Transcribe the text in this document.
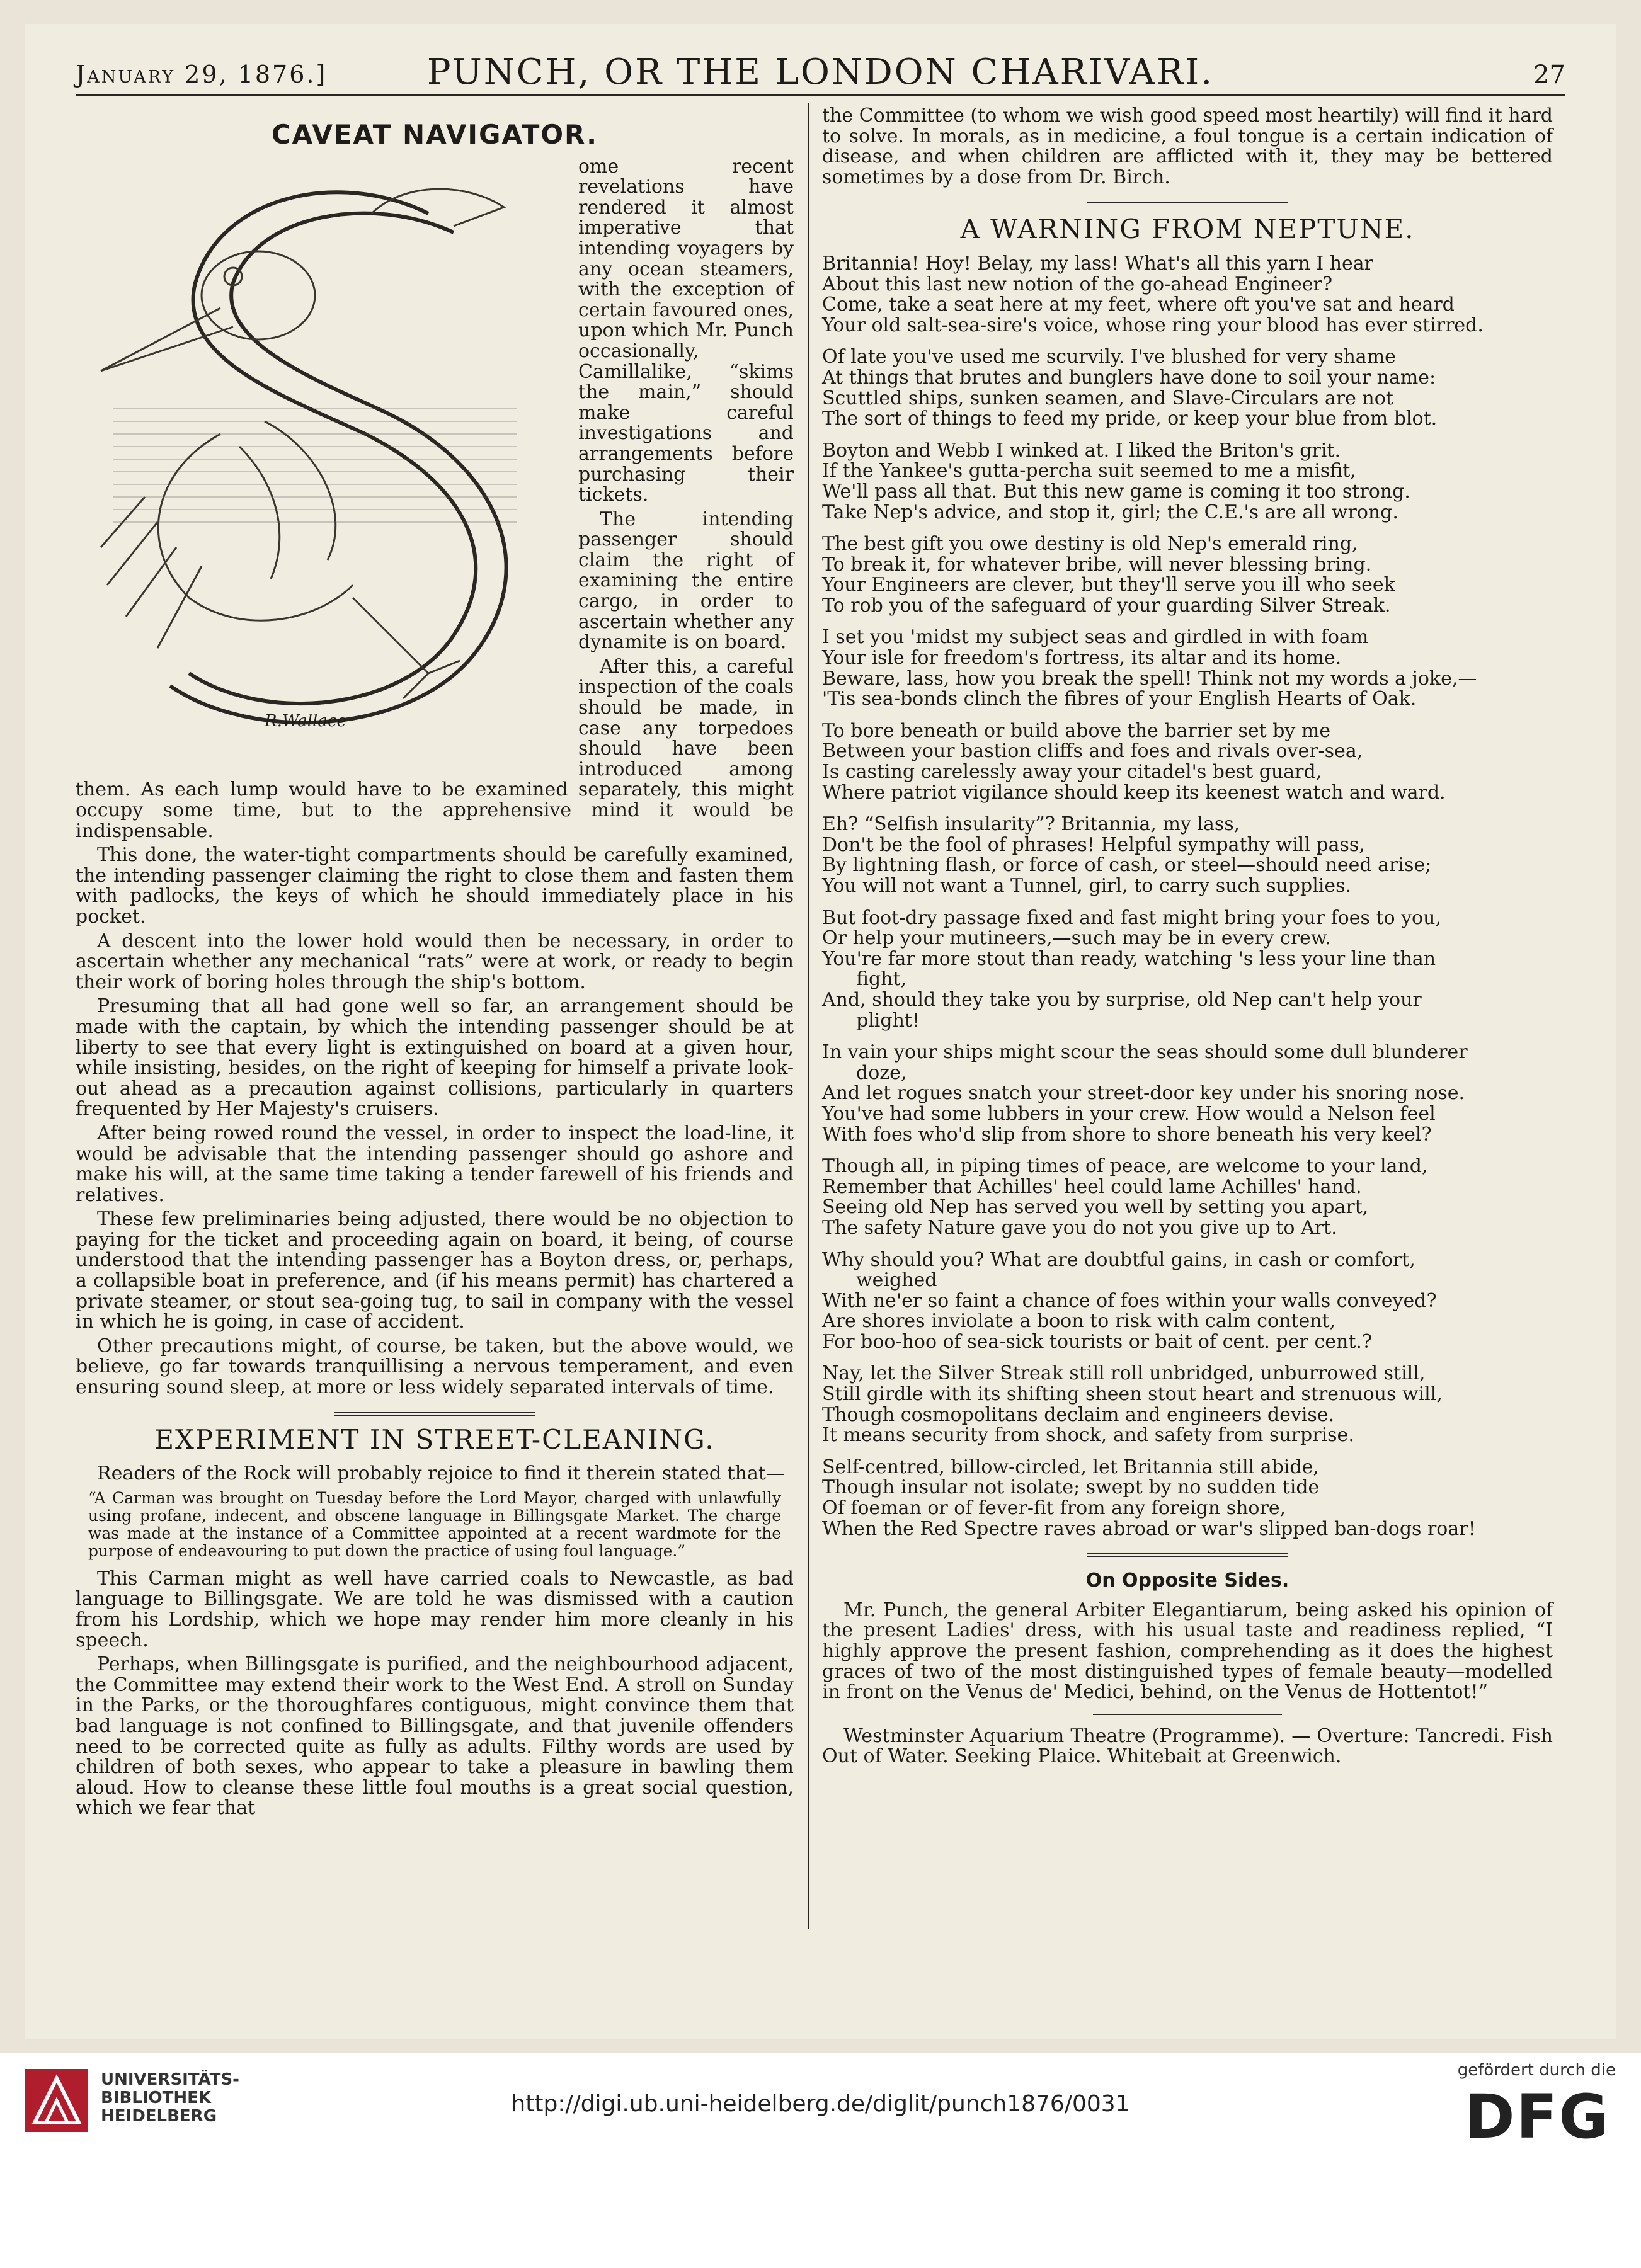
January 29, 1876.]	PUNCH, OR THE LONDON CHARIVARI.	27
CAVEAT NAVIGATOR.
R.Wallace

ome recent revelations have rendered it almost imperative that intending voyagers by any ocean steamers, with the exception of certain favoured ones, upon which Mr. Punch occasionally, Camillalike, “skims the main,” should make careful investigations and arrangements before purchasing their tickets.

The intending passenger should claim the right of examining the entire cargo, in order to ascertain whether any dynamite is on board.

After this, a careful inspection of the coals should be made, in case any torpedoes should have been introduced among them. As each lump would have to be examined separately, this might occupy some time, but to the apprehensive mind it would be indispensable.

This done, the water-tight compartments should be carefully examined, the intending passenger claiming the right to close them and fasten them with padlocks, the keys of which he should immediately place in his pocket.

A descent into the lower hold would then be necessary, in order to ascertain whether any mechanical “rats” were at work, or ready to begin their work of boring holes through the ship's bottom.

Presuming that all had gone well so far, an arrangement should be made with the captain, by which the intending passenger should be at liberty to see that every light is extinguished on board at a given hour, while insisting, besides, on the right of keeping for himself a private look-out ahead as a precaution against collisions, particularly in quarters frequented by Her Majesty's cruisers.

After being rowed round the vessel, in order to inspect the load-line, it would be advisable that the intending passenger should go ashore and make his will, at the same time taking a tender farewell of his friends and relatives.

These few preliminaries being adjusted, there would be no objection to paying for the ticket and proceeding again on board, it being, of course understood that the intending passenger has a Boyton dress, or, perhaps, a collapsible boat in preference, and (if his means permit) has chartered a private steamer, or stout sea-going tug, to sail in company with the vessel in which he is going, in case of accident.

Other precautions might, of course, be taken, but the above would, we believe, go far towards tranquillising a nervous temperament, and even ensuring sound sleep, at more or less widely separated intervals of time.

EXPERIMENT IN STREET-CLEANING.

Readers of the Rock will probably rejoice to find it therein stated that—

“A Carman was brought on Tuesday before the Lord Mayor, charged with unlawfully using profane, indecent, and obscene language in Billingsgate Market. The charge was made at the instance of a Committee appointed at a recent wardmote for the purpose of endeavouring to put down the practice of using foul language.”

This Carman might as well have carried coals to Newcastle, as bad language to Billingsgate. We are told he was dismissed with a caution from his Lordship, which we hope may render him more cleanly in his speech.

Perhaps, when Billingsgate is purified, and the neighbourhood adjacent, the Committee may extend their work to the West End. A stroll on Sunday in the Parks, or the thoroughfares contiguous, might convince them that bad language is not confined to Billingsgate, and that juvenile offenders need to be corrected quite as fully as adults. Filthy words are used by children of both sexes, who appear to take a pleasure in bawling them aloud. How to cleanse these little foul mouths is a great social question, which we fear that

the Committee (to whom we wish good speed most heartily) will find it hard to solve. In morals, as in medicine, a foul tongue is a certain indication of disease, and when children are afflicted with it, they may be bettered sometimes by a dose from Dr. Birch.

A WARNING FROM NEPTUNE.
Britannia! Hoy! Belay, my lass! What's all this yarn I hear
About this last new notion of the go-ahead Engineer?
Come, take a seat here at my feet, where oft you've sat and heard
Your old salt-sea-sire's voice, whose ring your blood has ever stirred.
Of late you've used me scurvily. I've blushed for very shame
At things that brutes and bunglers have done to soil your name:
Scuttled ships, sunken seamen, and Slave-Circulars are not
The sort of things to feed my pride, or keep your blue from blot.
Boyton and Webb I winked at. I liked the Briton's grit.
If the Yankee's gutta-percha suit seemed to me a misfit,
We'll pass all that. But this new game is coming it too strong.
Take Nep's advice, and stop it, girl; the C.E.'s are all wrong.
The best gift you owe destiny is old Nep's emerald ring,
To break it, for whatever bribe, will never blessing bring.
Your Engineers are clever, but they'll serve you ill who seek
To rob you of the safeguard of your guarding Silver Streak.
I set you 'midst my subject seas and girdled in with foam
Your isle for freedom's fortress, its altar and its home.
Beware, lass, how you break the spell! Think not my words a joke,—
'Tis sea-bonds clinch the fibres of your English Hearts of Oak.
To bore beneath or build above the barrier set by me
Between your bastion cliffs and foes and rivals over-sea,
Is casting carelessly away your citadel's best guard,
Where patriot vigilance should keep its keenest watch and ward.
Eh? “Selfish insularity”? Britannia, my lass,
Don't be the fool of phrases! Helpful sympathy will pass,
By lightning flash, or force of cash, or steel—should need arise;
You will not want a Tunnel, girl, to carry such supplies.
But foot-dry passage fixed and fast might bring your foes to you,
Or help your mutineers,—such may be in every crew.
You're far more stout than ready, watching 's less your line than
fight,
And, should they take you by surprise, old Nep can't help your
plight!
In vain your ships might scour the seas should some dull blunderer
doze,
And let rogues snatch your street-door key under his snoring nose.
You've had some lubbers in your crew. How would a Nelson feel
With foes who'd slip from shore to shore beneath his very keel?
Though all, in piping times of peace, are welcome to your land,
Remember that Achilles' heel could lame Achilles' hand.
Seeing old Nep has served you well by setting you apart,
The safety Nature gave you do not you give up to Art.
Why should you? What are doubtful gains, in cash or comfort,
weighed
With ne'er so faint a chance of foes within your walls conveyed?
Are shores inviolate a boon to risk with calm content,
For boo-hoo of sea-sick tourists or bait of cent. per cent.?
Nay, let the Silver Streak still roll unbridged, unburrowed still,
Still girdle with its shifting sheen stout heart and strenuous will,
Though cosmopolitans declaim and engineers devise.
It means security from shock, and safety from surprise.
Self-centred, billow-circled, let Britannia still abide,
Though insular not isolate; swept by no sudden tide
Of foeman or of fever-fit from any foreign shore,
When the Red Spectre raves abroad or war's slipped ban-dogs roar!
On Opposite Sides.

Mr. Punch, the general Arbiter Elegantiarum, being asked his opinion of the present Ladies' dress, with his usual taste and readiness replied, “I highly approve the present fashion, comprehending as it does the highest graces of two of the most distinguished types of female beauty—modelled in front on the Venus de' Medici, behind, on the Venus de Hottentot!”

Westminster Aquarium Theatre (Programme). — Overture: Tancredi. Fish Out of Water. Seeking Plaice. Whitebait at Greenwich.

UNIVERSITÄTS-
BIBLIOTHEK
HEIDELBERG	http://digi.ub.uni-heidelberg.de/diglit/punch1876/0031
gefördert durch die
DFG
